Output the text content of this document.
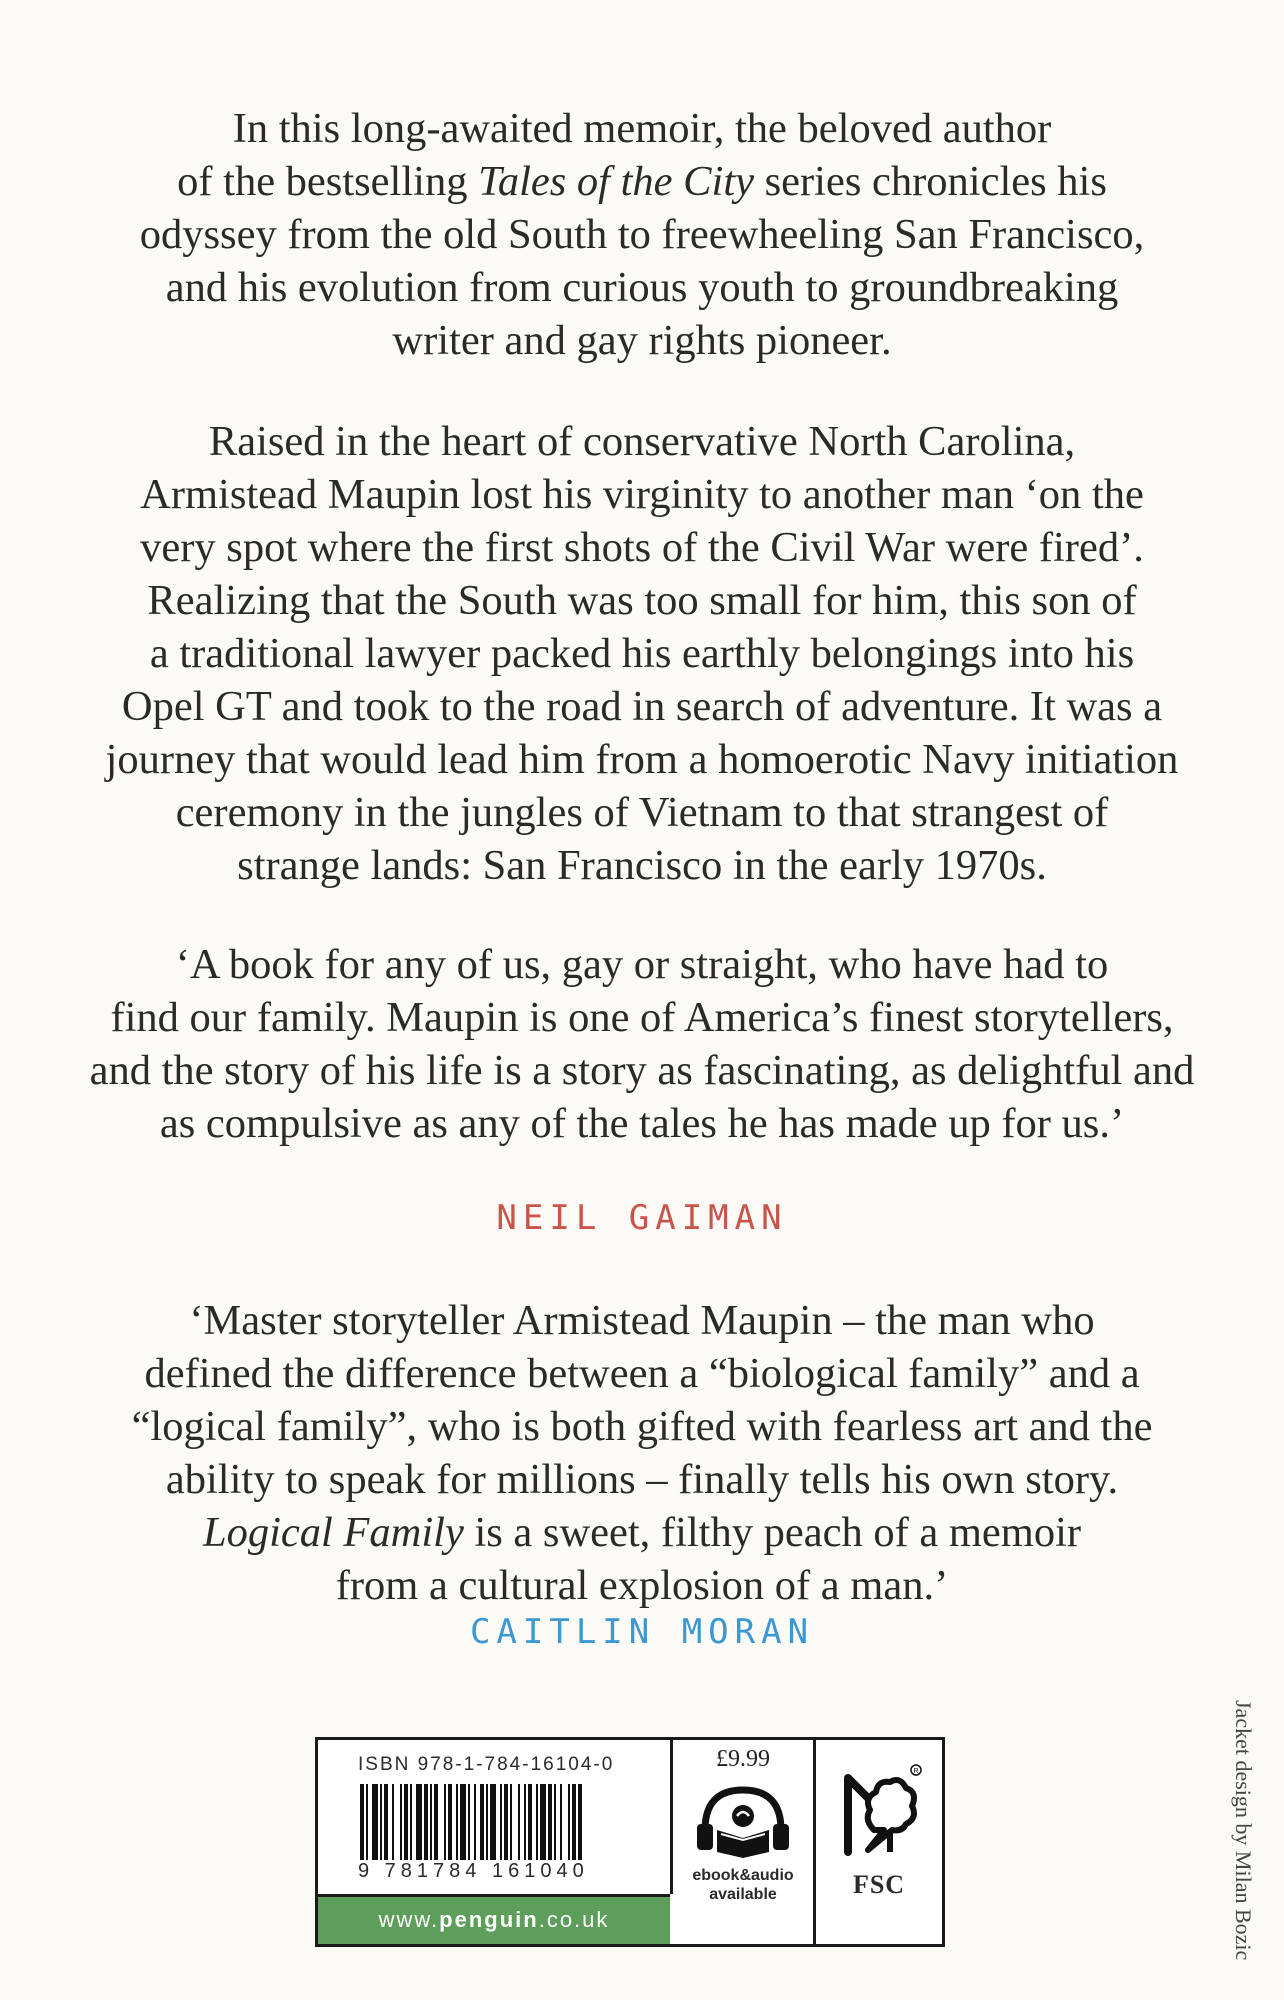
In this long-awaited memoir, the beloved author
of the bestselling Tales of the City series chronicles his
odyssey from the old South to freewheeling San Francisco,
and his evolution from curious youth to groundbreaking
writer and gay rights pioneer.
Raised in the heart of conservative North Carolina,
Armistead Maupin lost his virginity to another man ‘on the
very spot where the first shots of the Civil War were fired’.
Realizing that the South was too small for him, this son of
a traditional lawyer packed his earthly belongings into his
Opel GT and took to the road in search of adventure. It was a
journey that would lead him from a homoerotic Navy initiation
ceremony in the jungles of Vietnam to that strangest of
strange lands: San Francisco in the early 1970s.
‘A book for any of us, gay or straight, who have had to
find our family. Maupin is one of America’s finest storytellers,
and the story of his life is a story as fascinating, as delightful and
as compulsive as any of the tales he has made up for us.’
NEIL GAIMAN
‘Master storyteller Armistead Maupin – the man who
defined the difference between a “biological family” and a
“logical family”, who is both gifted with fearless art and the
ability to speak for millions – finally tells his own story.
Logical Family is a sweet, filthy peach of a memoir
from a cultural explosion of a man.’
CAITLIN MORAN
Jacket design by Milan Bozic
ISBN 978-1-784-16104-0
9 781784 161040
www.penguin.co.uk
£9.99
ebook&audio
available
R
FSC
